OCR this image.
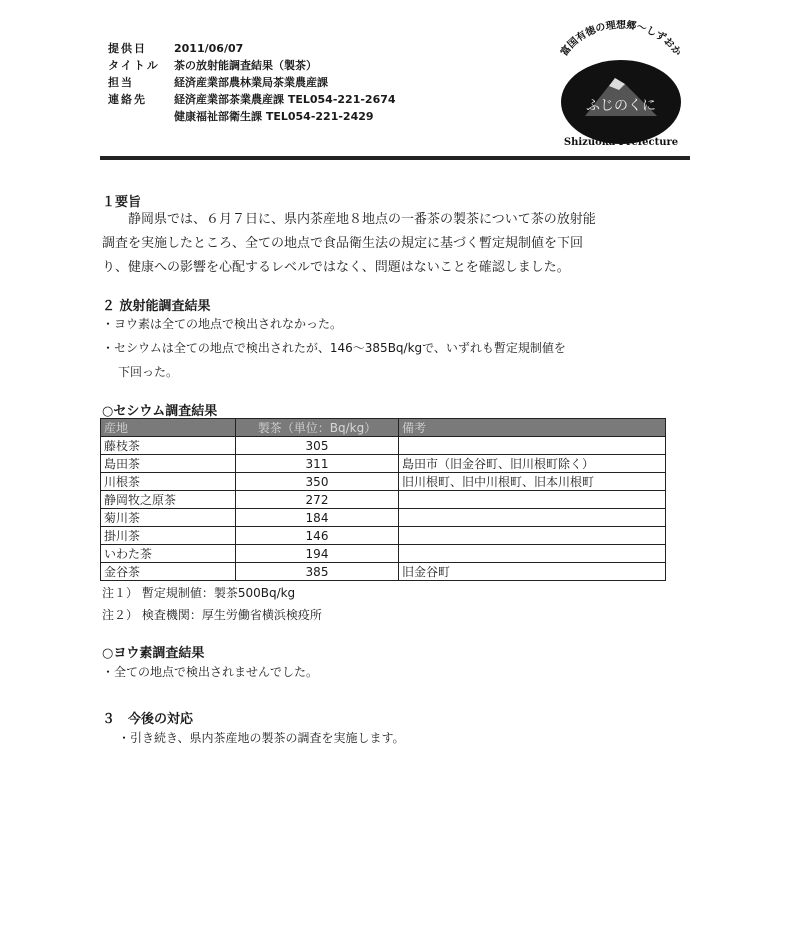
提供日	2011/06/07
タイトル	茶の放射能調査結果（製茶）
担当	経済産業部農林業局茶業農産課
連絡先	経済産業部茶業農産課 TEL054-221-2674
健康福祉部衛生課 TEL054-221-2429
富国有徳の理想郷〜しずおか
ふじのくに
Shizuoka Prefecture
１要旨
静岡県では、６月７日に、県内茶産地８地点の一番茶の製茶について茶の放射能
調査を実施したところ、全ての地点で食品衛生法の規定に基づく暫定規制値を下回
り、健康への影響を心配するレベルではなく、問題はないことを確認しました。
２ 放射能調査結果
・ヨウ素は全ての地点で検出されなかった。
・セシウムは全ての地点で検出されたが、146〜385Bq/kgで、いずれも暫定規制値を
下回った。
○セシウム調査結果
産地	製茶（単位：Bq/kg）	備考
藤枝茶	305	
島田茶	311	島田市（旧金谷町、旧川根町除く）
川根茶	350	旧川根町、旧中川根町、旧本川根町
静岡牧之原茶	272	
菊川茶	184	
掛川茶	146	
いわた茶	194	
金谷茶	385	旧金谷町
注１） 暫定規制値：製茶500Bq/kg
注２） 検査機関：厚生労働省横浜検疫所
○ヨウ素調査結果
・全ての地点で検出されませんでした。
３　今後の対応
・引き続き、県内茶産地の製茶の調査を実施します。
